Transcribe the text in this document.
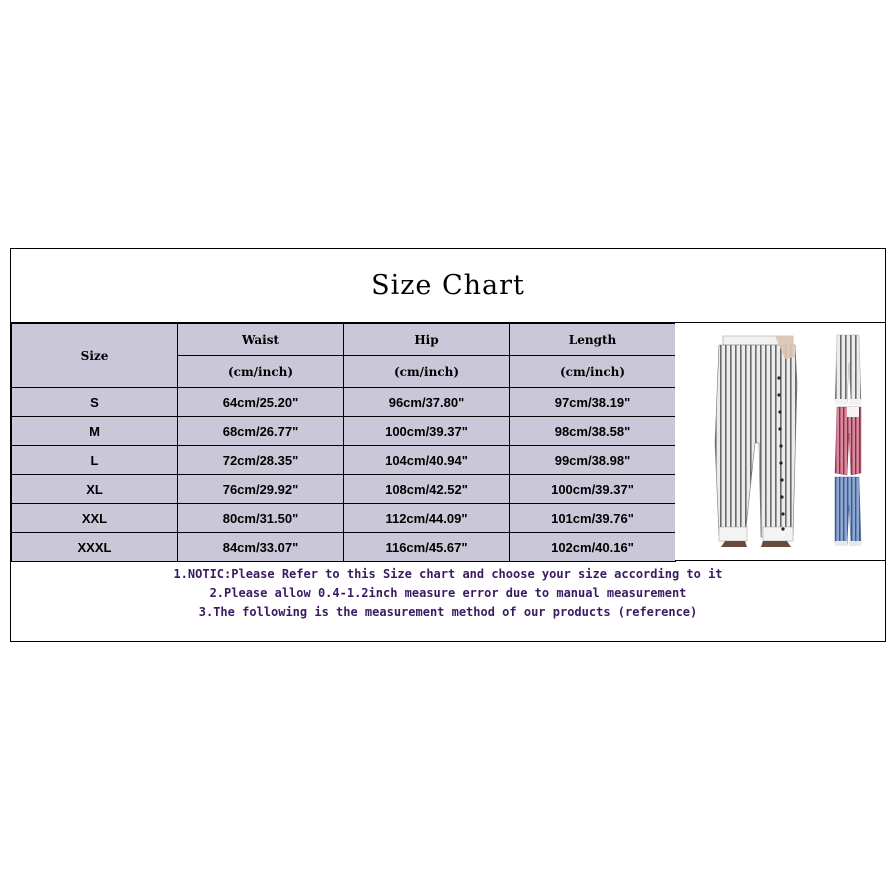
Size Chart
Size	Waist	Hip	Length
	(cm/inch)	(cm/inch)	(cm/inch)
S	64cm/25.20"	96cm/37.80"	97cm/38.19"
M	68cm/26.77"	100cm/39.37"	98cm/38.58"
L	72cm/28.35"	104cm/40.94"	99cm/38.98"
XL	76cm/29.92"	108cm/42.52"	100cm/39.37"
XXL	80cm/31.50"	112cm/44.09"	101cm/39.76"
XXXL	84cm/33.07"	116cm/45.67"	102cm/40.16"
1.NOTIC:Please Refer to this Size chart and choose your size according to it
2.Please allow 0.4-1.2inch measure error due to manual measurement
3.The following is the measurement method of our products (reference)
